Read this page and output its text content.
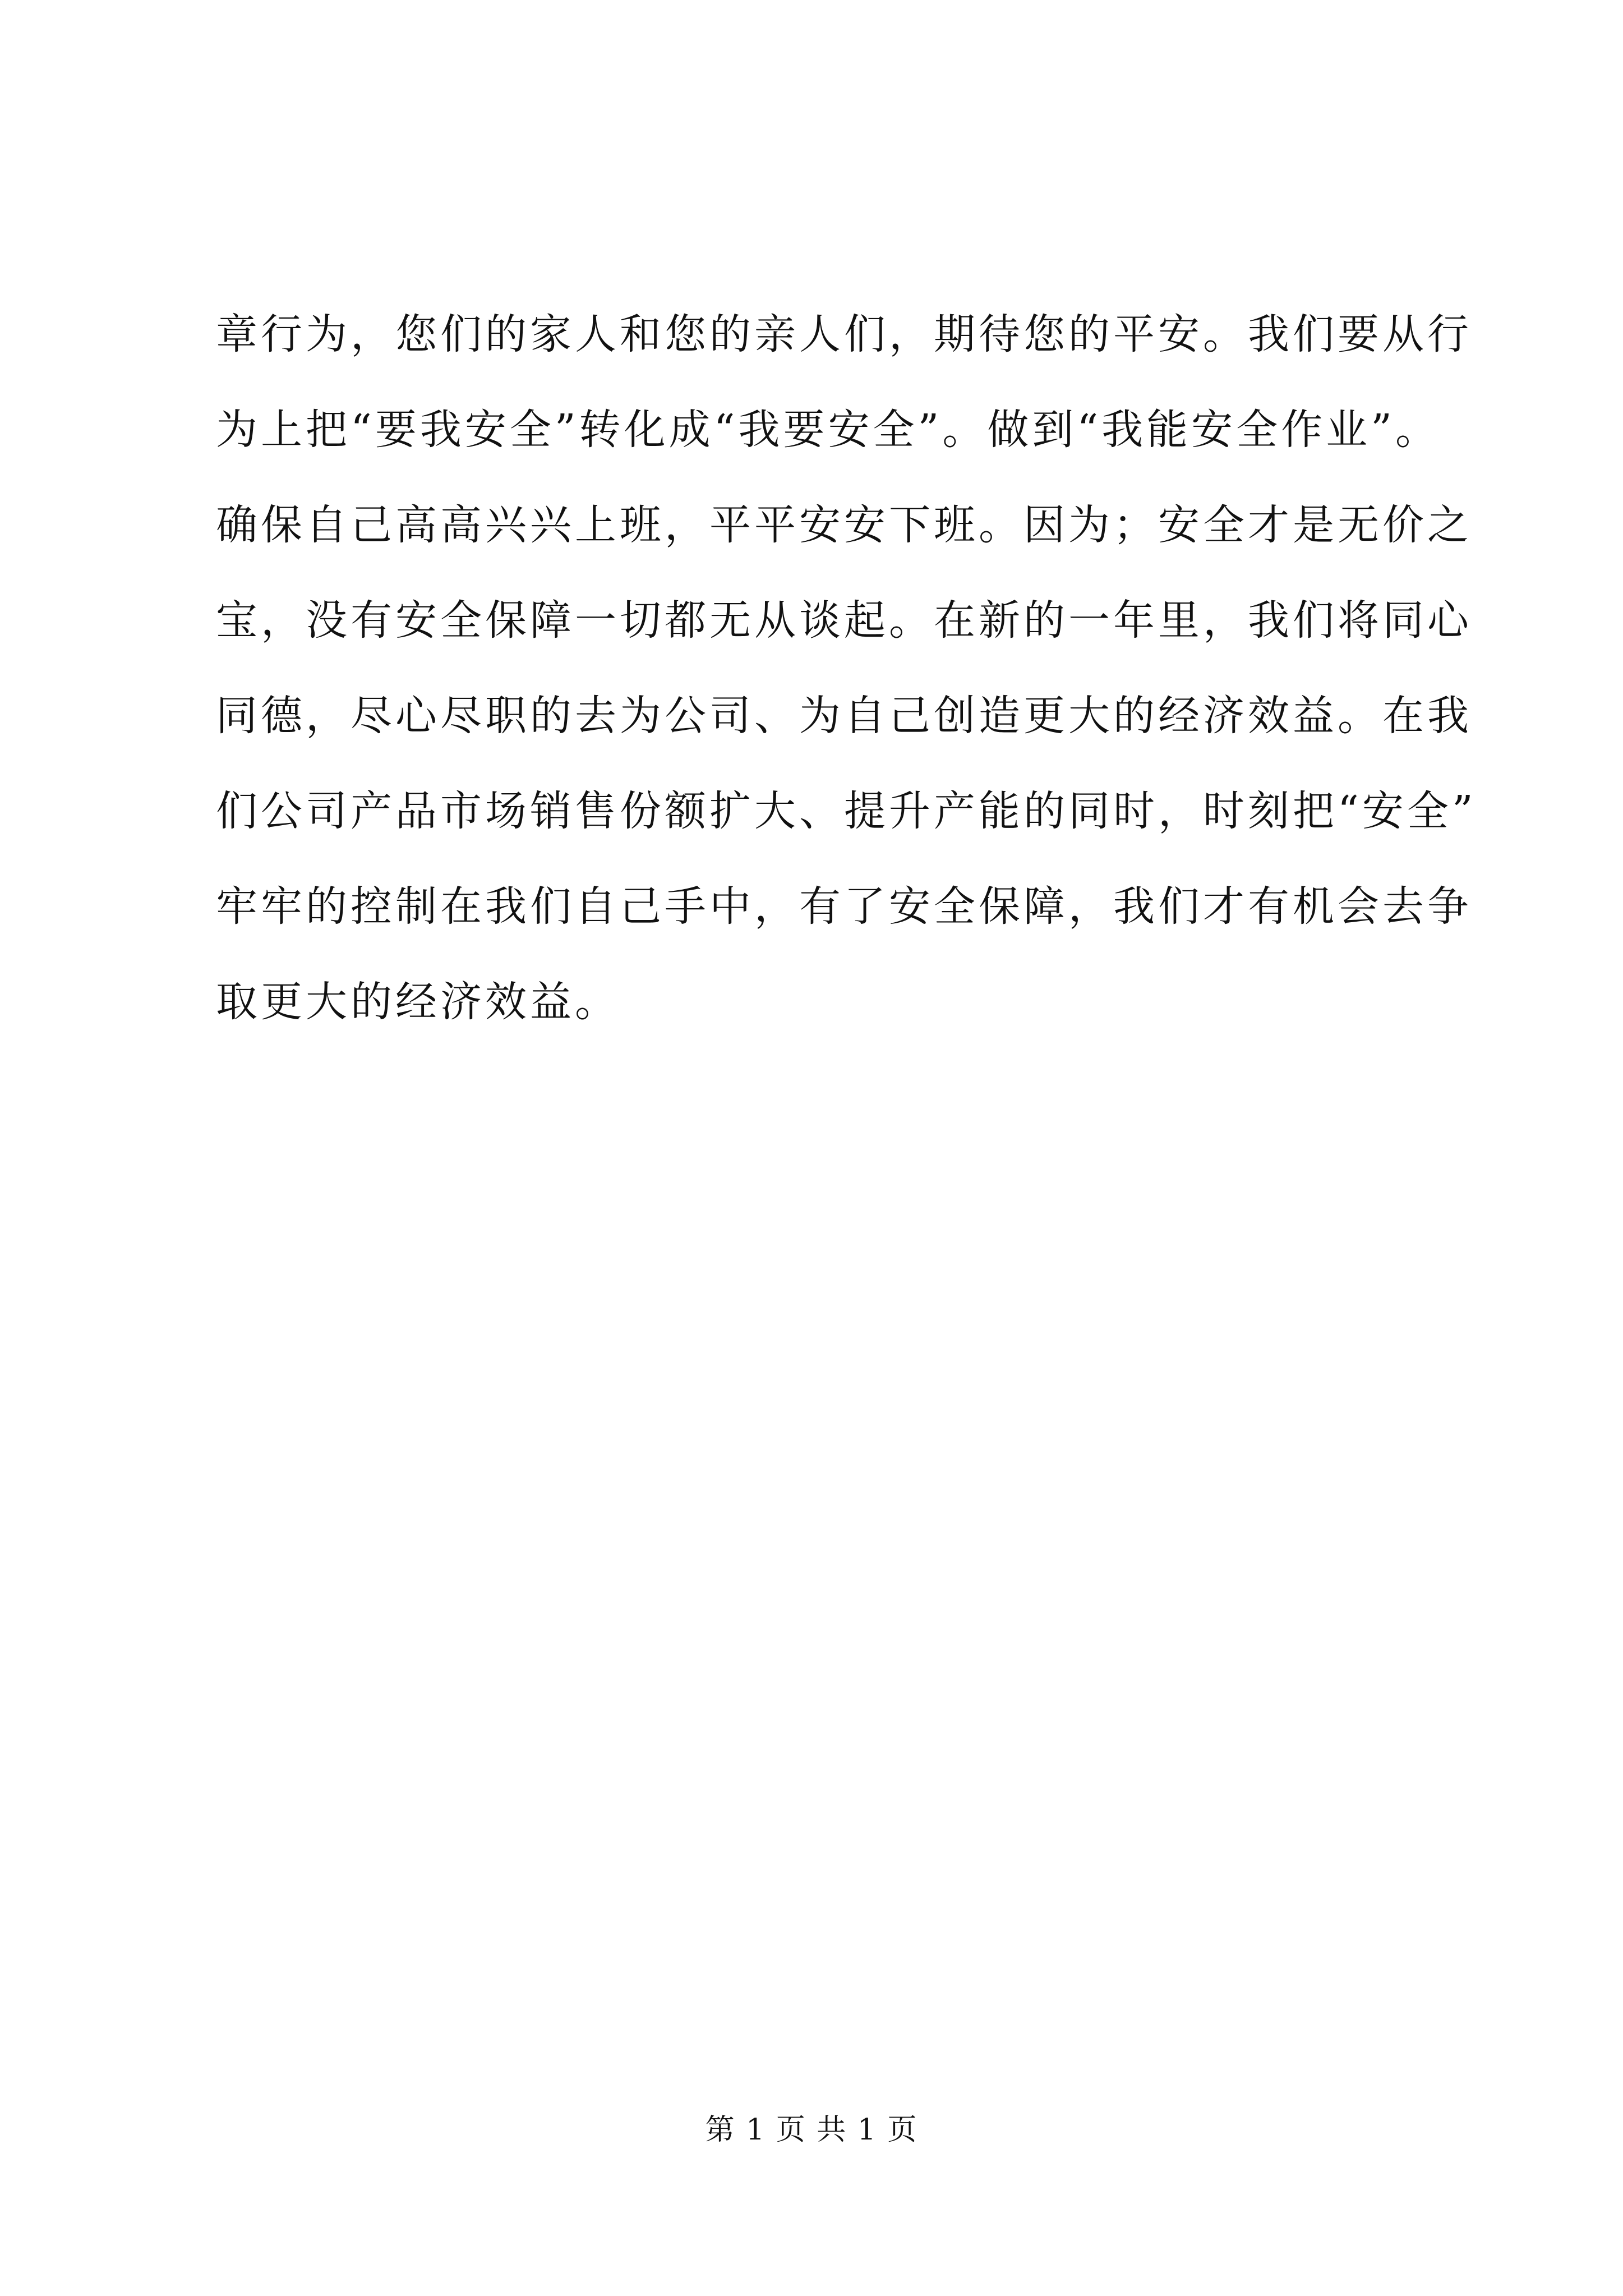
章行为，您们的家人和您的亲人们，期待您的平安。我们要从行
为上把“要我安全”转化成“我要安全”。做到“我能安全作业”。
确保自己高高兴兴上班，平平安安下班。因为；安全才是无价之
宝，没有安全保障一切都无从谈起。在新的一年里，我们将同心
同德，尽心尽职的去为公司、为自己创造更大的经济效益。在我
们公司产品市场销售份额扩大、提升产能的同时，时刻把“安全”
牢牢的控制在我们自己手中，有了安全保障，我们才有机会去争
取更大的经济效益。
第 1 页 共 1 页
